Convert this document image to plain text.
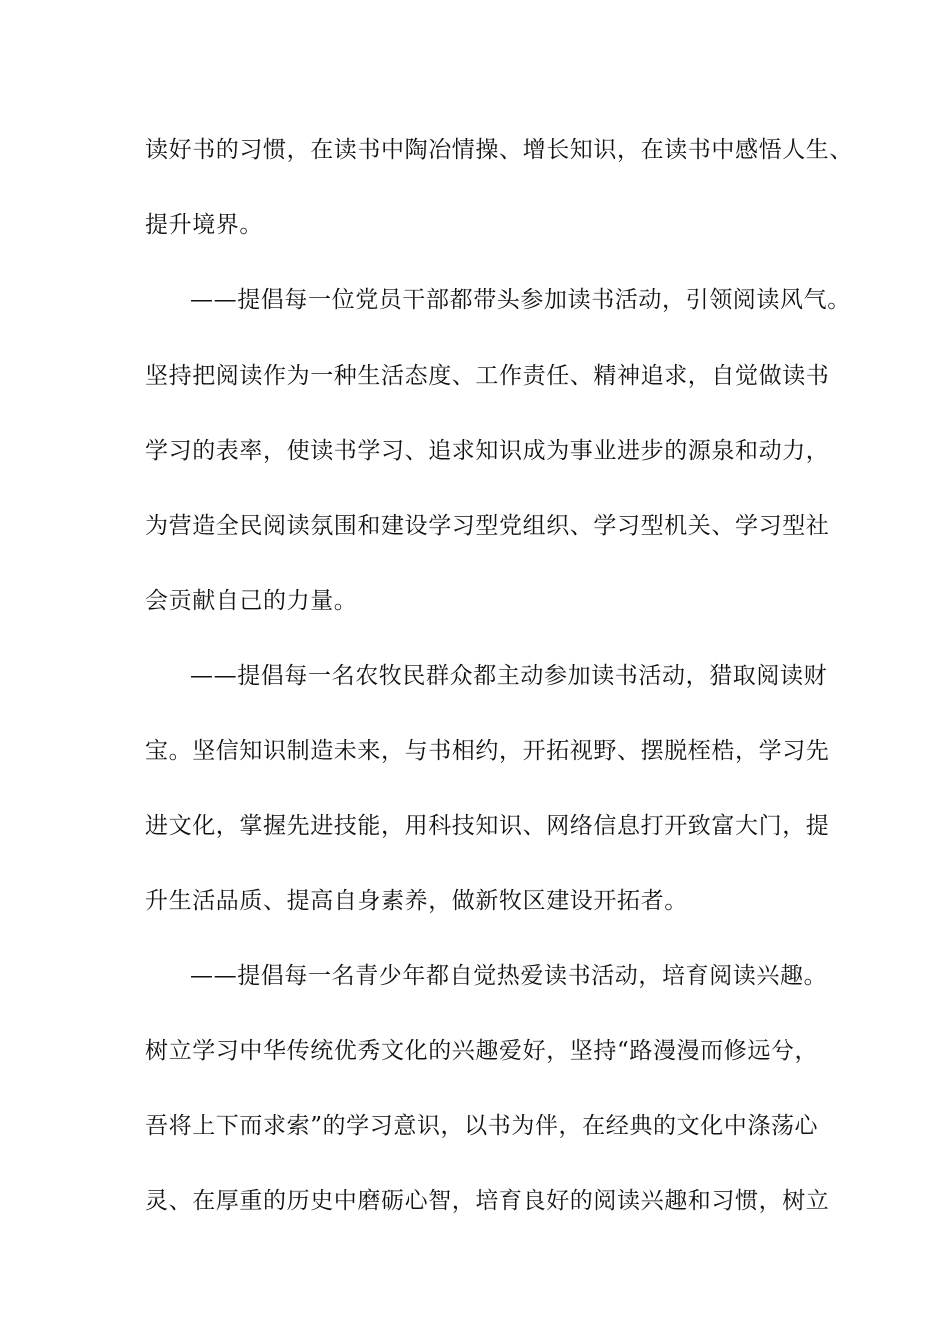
读好书的习惯，在读书中陶冶情操、增长知识，在读书中感悟人生、
提升境界。
——提倡每一位党员干部都带头参加读书活动，引领阅读风气。
坚持把阅读作为一种生活态度、工作责任、精神追求，自觉做读书
学习的表率，使读书学习、追求知识成为事业进步的源泉和动力，
为营造全民阅读氛围和建设学习型党组织、学习型机关、学习型社
会贡献自己的力量。
——提倡每一名农牧民群众都主动参加读书活动，猎取阅读财
宝。坚信知识制造未来，与书相约，开拓视野、摆脱桎梏，学习先
进文化，掌握先进技能，用科技知识、网络信息打开致富大门，提
升生活品质、提高自身素养，做新牧区建设开拓者。
——提倡每一名青少年都自觉热爱读书活动，培育阅读兴趣。
树立学习中华传统优秀文化的兴趣爱好，坚持“路漫漫而修远兮，
吾将上下而求索”的学习意识，以书为伴，在经典的文化中涤荡心
灵、在厚重的历史中磨砺心智，培育良好的阅读兴趣和习惯，树立
